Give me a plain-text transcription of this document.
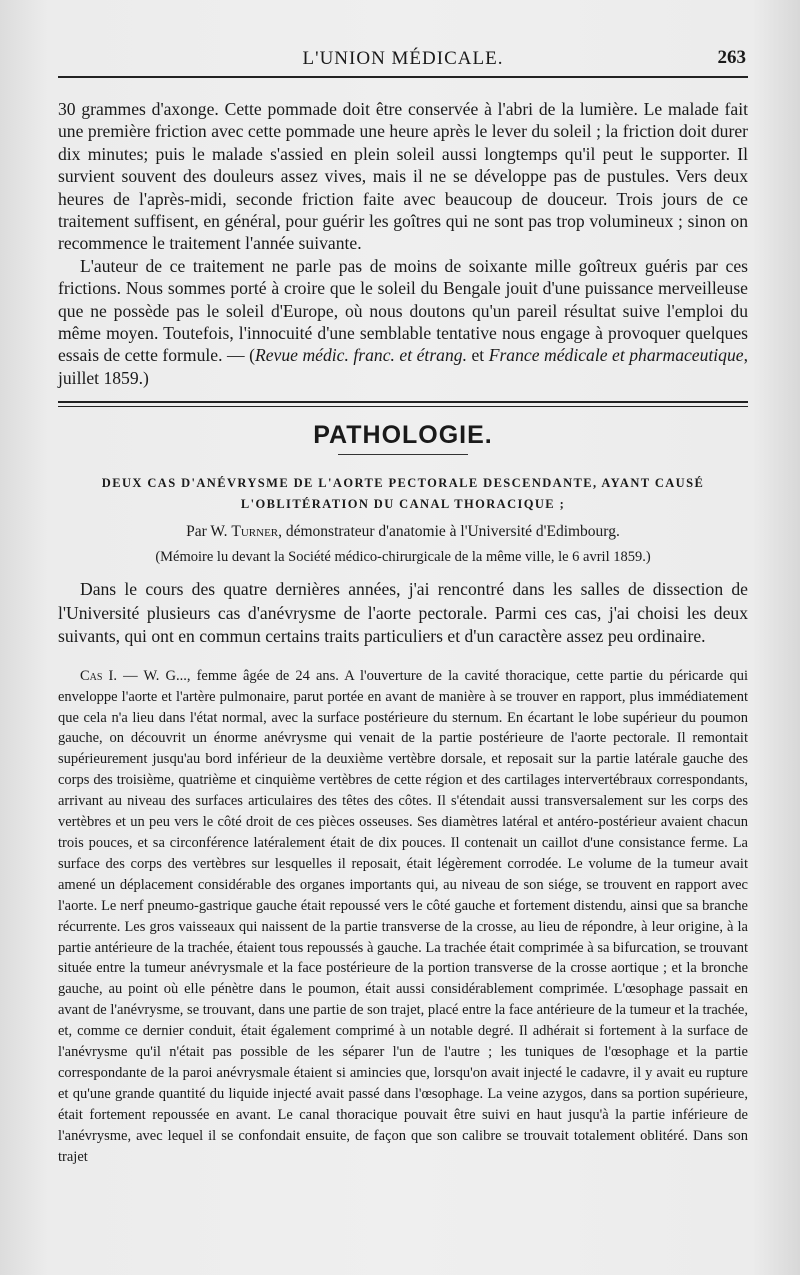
L'UNION MÉDICALE.	263

30 grammes d'axonge. Cette pommade doit être conservée à l'abri de la lumière. Le malade fait une première friction avec cette pommade une heure après le lever du soleil ; la friction doit durer dix minutes; puis le malade s'assied en plein soleil aussi longtemps qu'il peut le supporter. Il survient souvent des douleurs assez vives, mais il ne se développe pas de pustules. Vers deux heures de l'après-midi, seconde friction faite avec beaucoup de douceur. Trois jours de ce traitement suffisent, en général, pour guérir les goîtres qui ne sont pas trop volumineux ; sinon on recommence le traitement l'année suivante.

L'auteur de ce traitement ne parle pas de moins de soixante mille goîtreux guéris par ces frictions. Nous sommes porté à croire que le soleil du Bengale jouit d'une puissance merveilleuse que ne possède pas le soleil d'Europe, où nous doutons qu'un pareil résultat suive l'emploi du même moyen. Toutefois, l'innocuité d'une semblable tentative nous engage à provoquer quelques essais de cette formule. — (Revue médic. franc. et étrang. et France médicale et pharmaceutique, juillet 1859.)

PATHOLOGIE.
DEUX CAS D'ANÉVRYSME DE L'AORTE PECTORALE DESCENDANTE, AYANT CAUSÉ L'OBLITÉRATION DU CANAL THORACIQUE ;
Par W. Turner, démonstrateur d'anatomie à l'Université d'Edimbourg.
(Mémoire lu devant la Société médico-chirurgicale de la même ville, le 6 avril 1859.)

Dans le cours des quatre dernières années, j'ai rencontré dans les salles de dissection de l'Université plusieurs cas d'anévrysme de l'aorte pectorale. Parmi ces cas, j'ai choisi les deux suivants, qui ont en commun certains traits particuliers et d'un caractère assez peu ordinaire.

Cas I. — W. G..., femme âgée de 24 ans. A l'ouverture de la cavité thoracique, cette partie du péricarde qui enveloppe l'aorte et l'artère pulmonaire, parut portée en avant de manière à se trouver en rapport, plus immédiatement que cela n'a lieu dans l'état normal, avec la surface postérieure du sternum. En écartant le lobe supérieur du poumon gauche, on découvrit un énorme anévrysme qui venait de la partie postérieure de l'aorte pectorale. Il remontait supérieurement jusqu'au bord inférieur de la deuxième vertèbre dorsale, et reposait sur la partie latérale gauche des corps des troisième, quatrième et cinquième vertèbres de cette région et des cartilages intervertébraux correspondants, arrivant au niveau des surfaces articulaires des têtes des côtes. Il s'étendait aussi transversalement sur les corps des vertèbres et un peu vers le côté droit de ces pièces osseuses. Ses diamètres latéral et antéro-postérieur avaient chacun trois pouces, et sa circonférence latéralement était de dix pouces. Il contenait un caillot d'une consistance ferme. La surface des corps des vertèbres sur lesquelles il reposait, était légèrement corrodée. Le volume de la tumeur avait amené un déplacement considérable des organes importants qui, au niveau de son siége, se trouvent en rapport avec l'aorte. Le nerf pneumo-gastrique gauche était repoussé vers le côté gauche et fortement distendu, ainsi que sa branche récurrente. Les gros vaisseaux qui naissent de la partie transverse de la crosse, au lieu de répondre, à leur origine, à la partie antérieure de la trachée, étaient tous repoussés à gauche. La trachée était comprimée à sa bifurcation, se trouvant située entre la tumeur anévrysmale et la face postérieure de la portion transverse de la crosse aortique ; et la bronche gauche, au point où elle pénètre dans le poumon, était aussi considérablement comprimée. L'œsophage passait en avant de l'anévrysme, se trouvant, dans une partie de son trajet, placé entre la face antérieure de la tumeur et la trachée, et, comme ce dernier conduit, était également comprimé à un notable degré. Il adhérait si fortement à la surface de l'anévrysme qu'il n'était pas possible de les séparer l'un de l'autre ; les tuniques de l'œsophage et la partie correspondante de la paroi anévrysmale étaient si amincies que, lorsqu'on avait injecté le cadavre, il y avait eu rupture et qu'une grande quantité du liquide injecté avait passé dans l'œsophage. La veine azygos, dans sa portion supérieure, était fortement repoussée en avant. Le canal thoracique pouvait être suivi en haut jusqu'à la partie inférieure de l'anévrysme, avec lequel il se confondait ensuite, de façon que son calibre se trouvait totalement oblitéré. Dans son trajet
